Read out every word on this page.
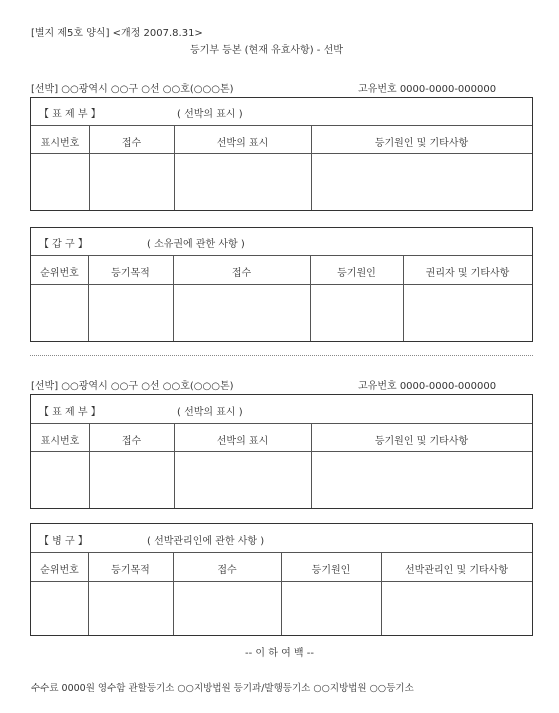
[별지 제5호 양식] <개정 2007.8.31>
등기부 등본 (현재 유효사항) - 선박
[선박] ○○광역시 ○○구 ○선 ○○호(○○○톤)	고유번호 0000-0000-000000
【 표 제 부 】	( 선박의 표시 )
표시번호	접수	선박의 표시	등기원인 및 기타사항
【 갑 구 】	( 소유권에 관한 사항 )
순위번호	등기목적	접수	등기원인	권리자 및 기타사항
[선박] ○○광역시 ○○구 ○선 ○○호(○○○톤)	고유번호 0000-0000-000000
【 표 제 부 】	( 선박의 표시 )
표시번호	접수	선박의 표시	등기원인 및 기타사항
【 병 구 】	( 선박관리인에 관한 사항 )
순위번호	등기목적	접수	등기원인	선박관리인 및 기타사항
-- 이 하 여 백 --
수수료 0000원 영수함 관할등기소 ○○지방법원 등기과/발행등기소 ○○지방법원 ○○등기소
